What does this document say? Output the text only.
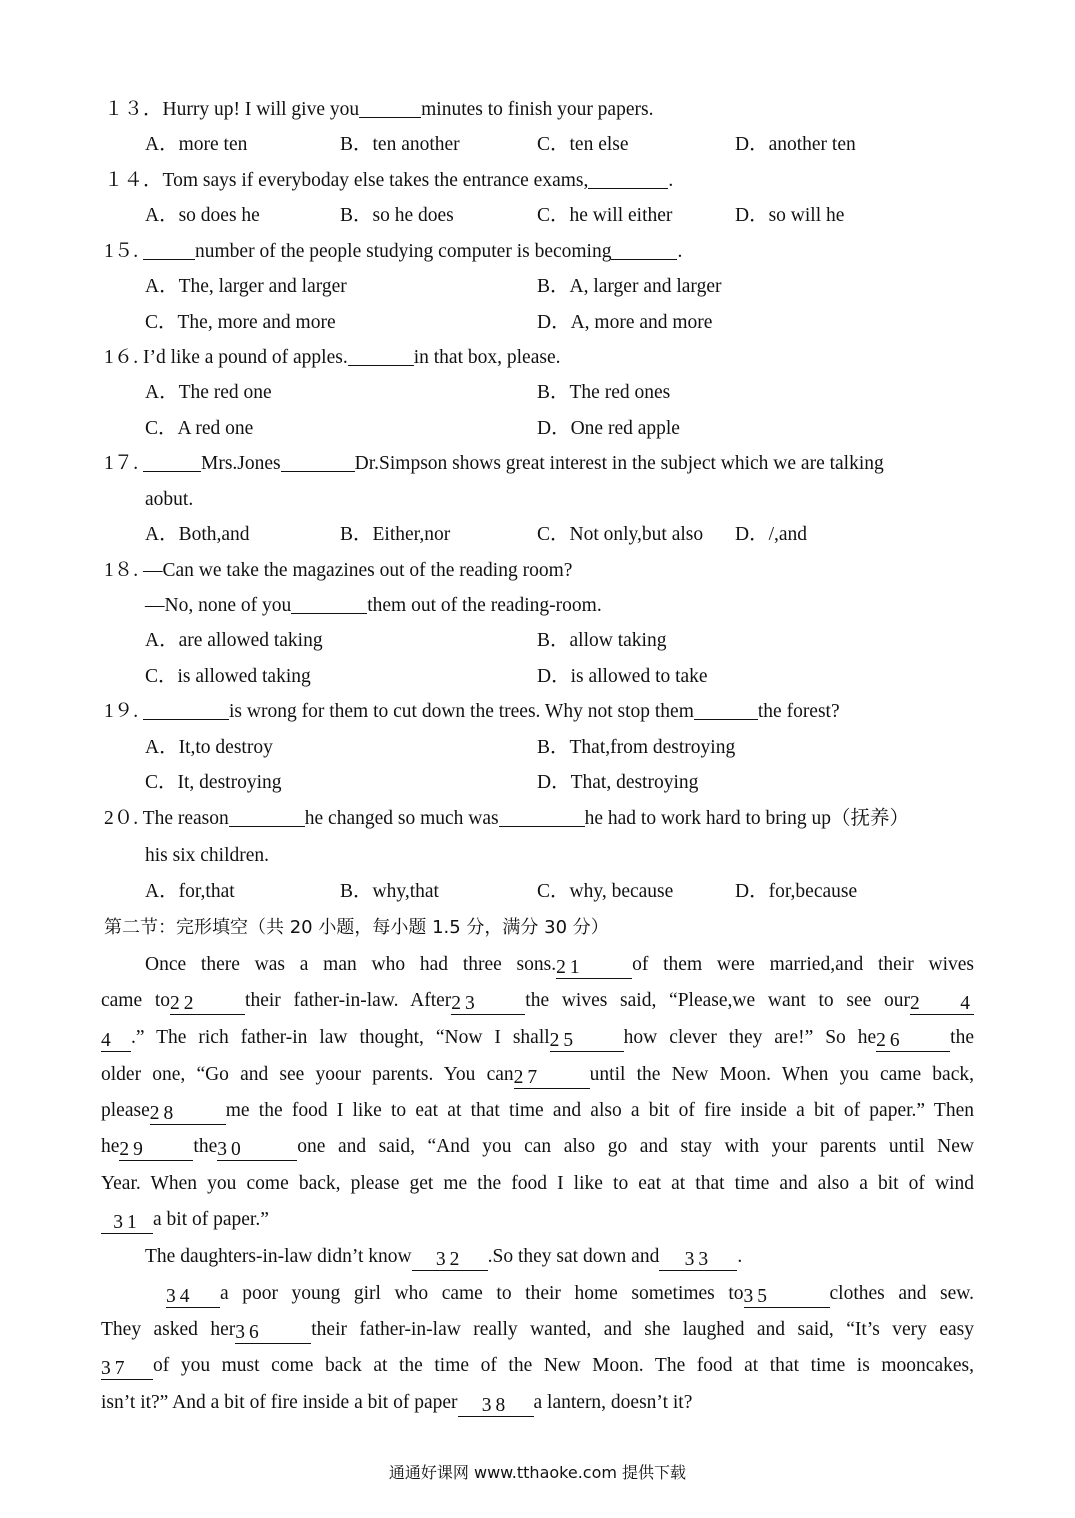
１３．Hurry up! I will give you	minutes to finish your papers.
A．more ten	B．ten another	C．ten else	D．another ten
１４．Tom says if everyboday else takes the entrance exams,	.
A．so does he	B．so he does	C．he will either	D．so will he
1５.	number of the people studying computer is becoming	.
A．The, larger and larger	B．A, larger and larger
C．The, more and more	D．A, more and more
1６. I’d like a pound of apples.	in that box, please.
A．The red one	B．The red ones
C．A red one	D．One red apple
1７.	Mrs.Jones	Dr.Simpson shows great interest in the subject which we are talking
aobut.
A．Both,and	B．Either,nor	C．Not only,but also D．/,and
1８. —Can we take the magazines out of the reading room?
—No, none of you	them out of the reading-room.
A．are allowed taking	B．allow taking
C．is allowed taking	D．is allowed to take
1９.	is wrong for them to cut down the trees. Why not stop them	the forest?
A．It,to destroy	B．That,from destroying
C．It, destroying	D．That, destroying
2０. The reason	he changed so much was	he had to work hard to bring up（抚养）
his six children.
A．for,that	B．why,that	C．why, because	D．for,because
第二节：完形填空（共 20 小题，每小题 1.5 分，满分 30 分）
Once there was a man who had three sons.21 of them were married,and their wives
came to22 their father-in-law. After23 the wives said, “Please,we want to see our2 4
4 .” The rich father-in law thought, “Now I shall25 how clever they are!” So he26 the
older one, “Go and see yoour parents. You can27 until the New Moon. When you came back,
please28 me the food I like to eat at that time and also a bit of fire inside a bit of paper.” Then
he29 the30	one and said, “And you can also go and stay with your parents until New
Year. When you come back, please get me the food I like to eat at that time and also a bit of wind
31 a bit of paper.”
The daughters-in-law didn’t know 32 .So they sat down and 33 .
34 a poor young girl who came to their home sometimes to35	clothes and sew.
They asked her36 their father-in-law really wanted, and she laughed and said, “It’s very easy
37 of you must come back at the time of the New Moon. The food at that time is mooncakes,
isn’t it?” And a bit of fire inside a bit of paper 38 a lantern, doesn’t it?
通通好课网 www.tthaoke.com 提供下载
